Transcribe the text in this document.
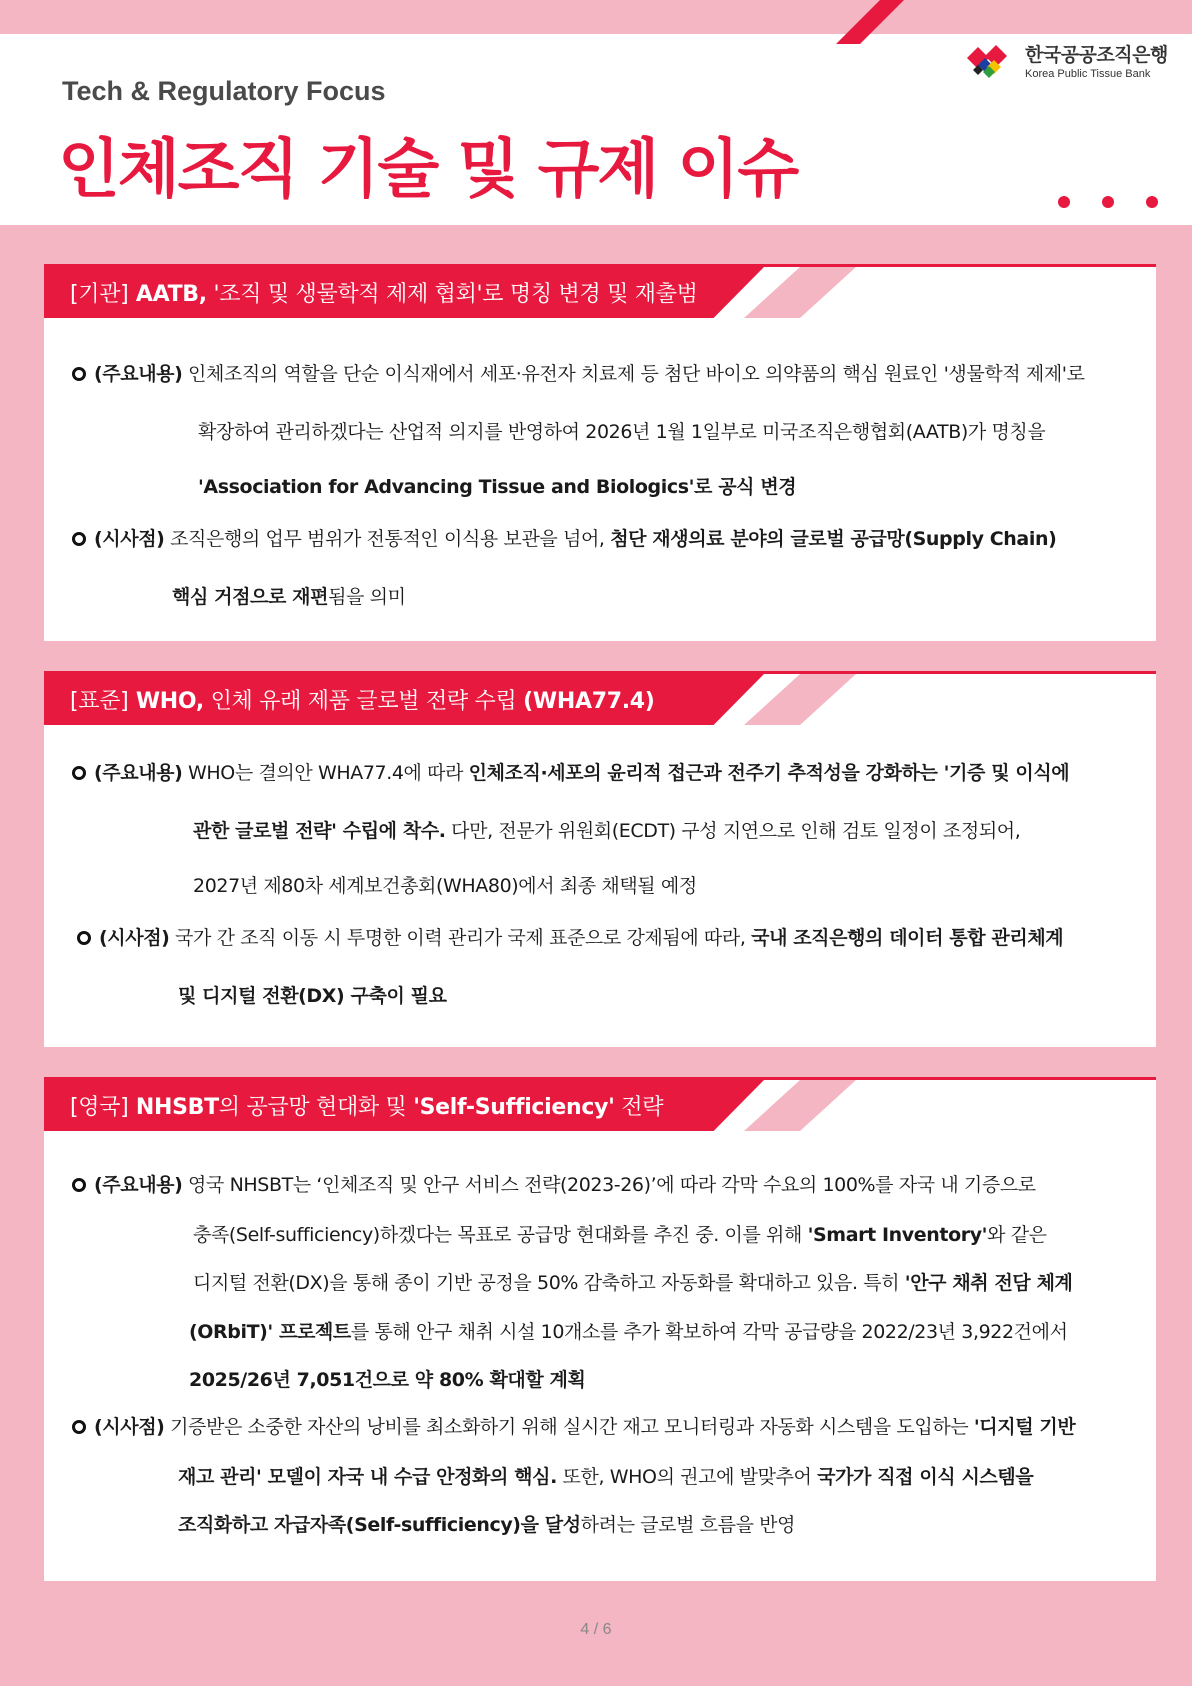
Tech & Regulatory Focus
인체조직 기술 및 규제 이슈
한국공공조직은행
Korea Public Tissue Bank
[기관] AATB, '조직 및 생물학적 제제 협회'로 명칭 변경 및 재출범
(주요내용) 인체조직의 역할을 단순 이식재에서 세포·유전자 치료제 등 첨단 바이오 의약품의 핵심 원료인 '생물학적 제제'로
확장하여 관리하겠다는 산업적 의지를 반영하여 2026년 1월 1일부로 미국조직은행협회(AATB)가 명칭을
'Association for Advancing Tissue and Biologics'로 공식 변경
(시사점) 조직은행의 업무 범위가 전통적인 이식용 보관을 넘어, 첨단 재생의료 분야의 글로벌 공급망(Supply Chain)
핵심 거점으로 재편됨을 의미
[표준] WHO, 인체 유래 제품 글로벌 전략 수립 (WHA77.4)
(주요내용) WHO는 결의안 WHA77.4에 따라 인체조직·세포의 윤리적 접근과 전주기 추적성을 강화하는 '기증 및 이식에
관한 글로벌 전략' 수립에 착수. 다만, 전문가 위원회(ECDT) 구성 지연으로 인해 검토 일정이 조정되어,
2027년 제80차 세계보건총회(WHA80)에서 최종 채택될 예정
(시사점) 국가 간 조직 이동 시 투명한 이력 관리가 국제 표준으로 강제됨에 따라, 국내 조직은행의 데이터 통합 관리체계
및 디지털 전환(DX) 구축이 필요
[영국] NHSBT의 공급망 현대화 및 'Self-Sufficiency' 전략
(주요내용) 영국 NHSBT는 ‘인체조직 및 안구 서비스 전략(2023-26)’에 따라 각막 수요의 100%를 자국 내 기증으로
충족(Self-sufficiency)하겠다는 목표로 공급망 현대화를 추진 중. 이를 위해 'Smart Inventory'와 같은
디지털 전환(DX)을 통해 종이 기반 공정을 50% 감축하고 자동화를 확대하고 있음. 특히 '안구 채취 전담 체계
(ORbiT)' 프로젝트를 통해 안구 채취 시설 10개소를 추가 확보하여 각막 공급량을 2022/23년 3,922건에서
2025/26년 7,051건으로 약 80% 확대할 계획
(시사점) 기증받은 소중한 자산의 낭비를 최소화하기 위해 실시간 재고 모니터링과 자동화 시스템을 도입하는 '디지털 기반
재고 관리' 모델이 자국 내 수급 안정화의 핵심. 또한, WHO의 권고에 발맞추어 국가가 직접 이식 시스템을
조직화하고 자급자족(Self-sufficiency)을 달성하려는 글로벌 흐름을 반영
4 / 6
